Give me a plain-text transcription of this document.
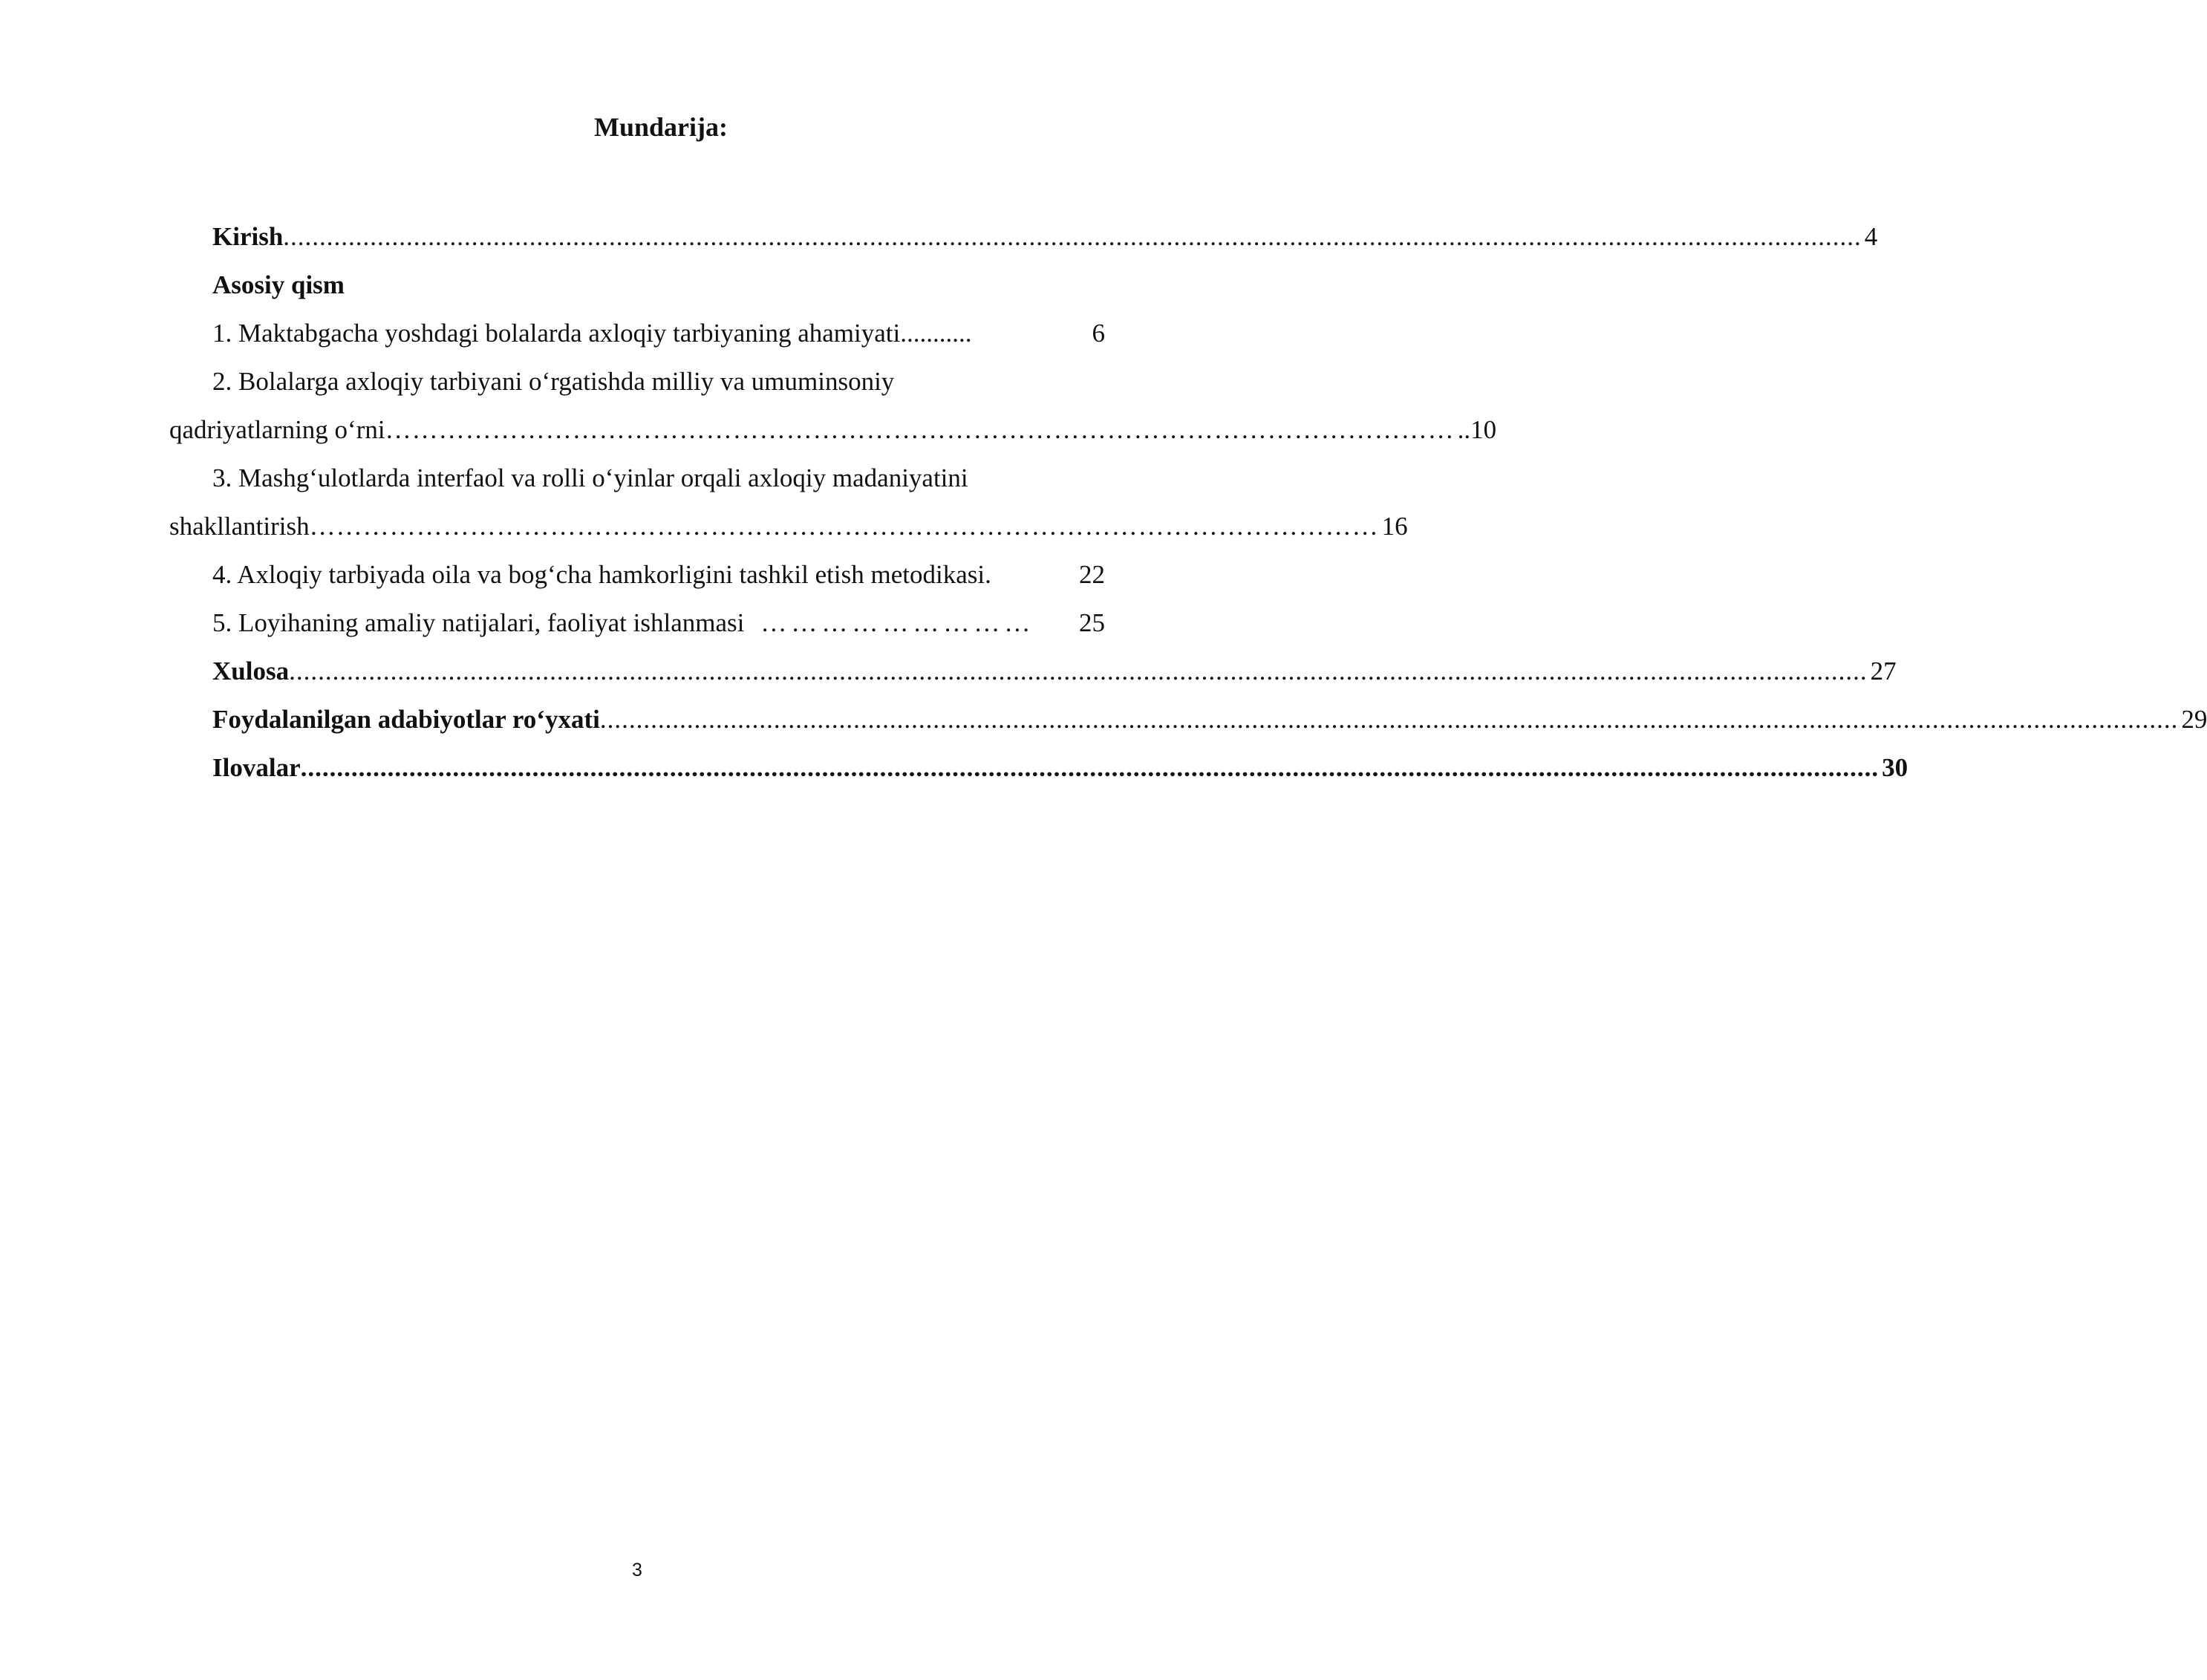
Mundarija:
Kirish .......................................................................................................................................................................................................................... 4
Asosiy qism
1. Maktabgacha yoshdagi bolalarda axloqiy tarbiyaning ahamiyati...........	6
2. Bolalarga axloqiy tarbiyani o‘rgatishda milliy va umuminsoniy
qadriyatlarning o‘rni ………………………………………………………………………………………………………… ..10
3. Mashg‘ulotlarda interfaol va rolli o‘yinlar orqali axloqiy madaniyatini
shakllantirish ………………………………………………………………………………………………………… 16
4. Axloqiy tarbiyada oila va bog‘cha hamkorligini tashkil etish metodikasi.	22
5. Loyihaning amaliy natijalari, faoliyat ishlanmasi ……………………… 25
Xulosa .......................................................................................................................................................................................................................... 27
Foydalanilgan adabiyotlar ro‘yxati .......................................................................................................................................................................................................................... 29
Ilovalar .......................................................................................................................................................................................................................... 30
3
